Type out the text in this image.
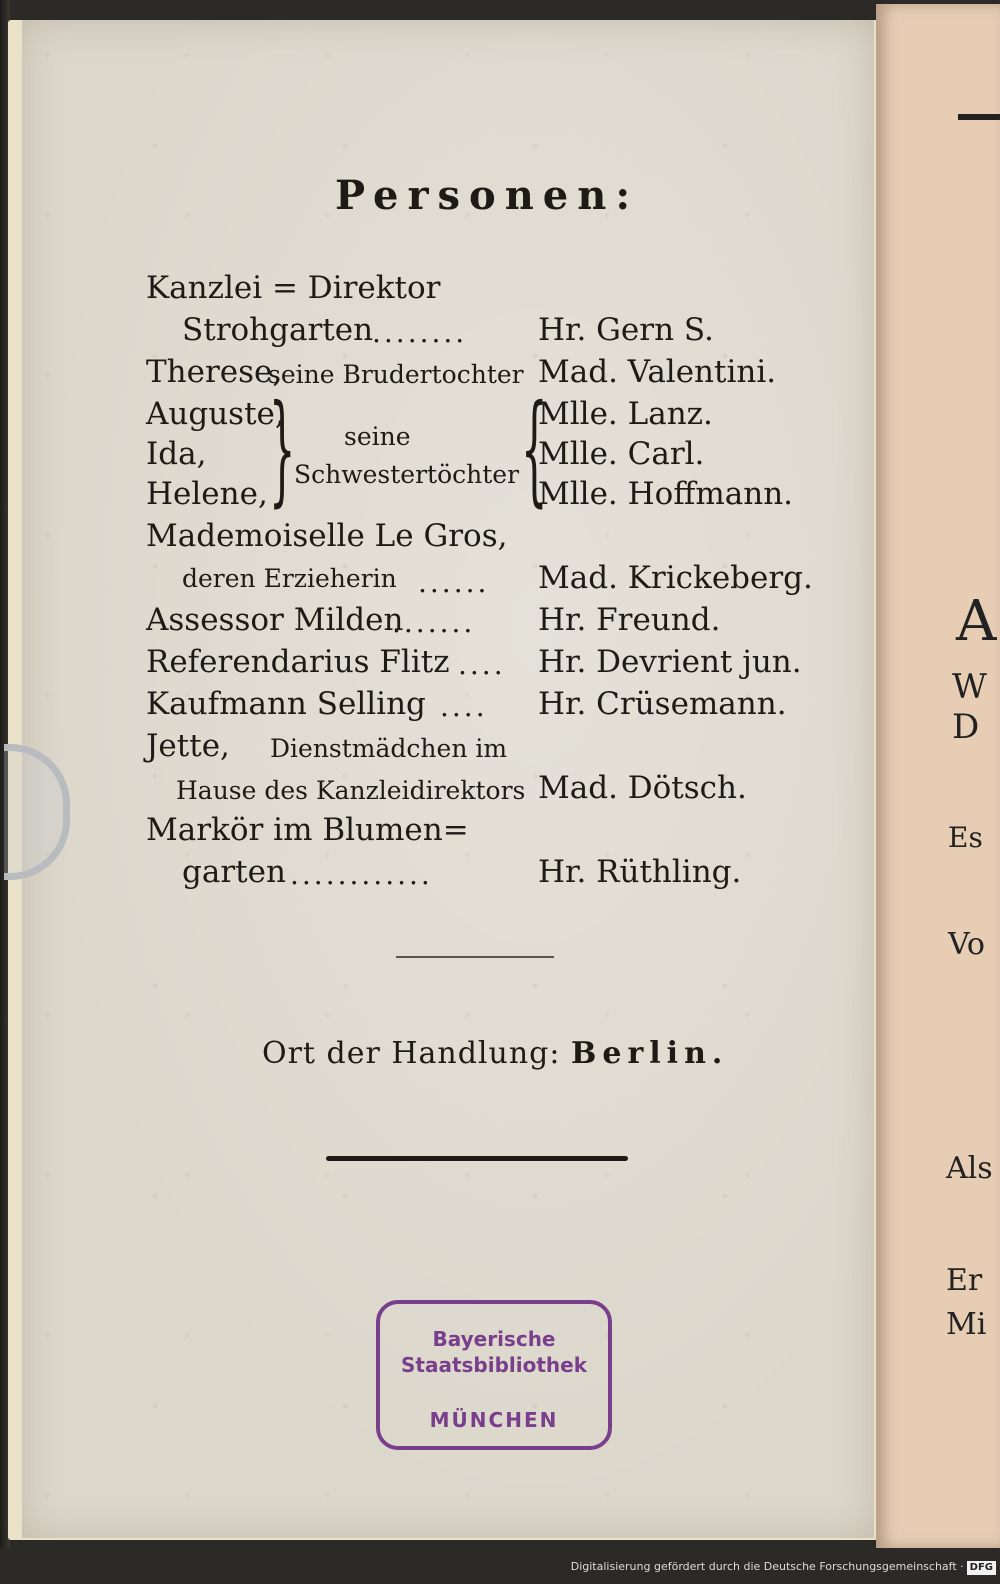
A
W
D
Es
Vo
Als
Er
Mi
Personen:
Kanzlei = Direktor
Strohgarten
........ Hr. Gern S.
Therese,
seine Brudertochter Mad. Valentini.
Auguste,
Ida,
Helene, } seine
Schwestertöchter {
Mlle. Lanz.
Mlle. Carl.
Mlle. Hoffmann.
Mademoiselle Le Gros,
deren Erzieherin ...... Mad. Krickeberg.
Assessor Milden
....... Hr. Freund.
Referendarius Flitz .... Hr. Devrient jun.
Kaufmann Selling .... Hr. Crüsemann.
Jette, Dienstmädchen im
Hause des Kanzleidirektors Mad. Dötsch.
Markör im Blumen=
garten ............	Hr. Rüthling.
Ort der Handlung: Berlin.
Bayerische
Staatsbibliothek
MÜNCHEN
Digitalisierung gefördert durch die Deutsche Forschungsgemeinschaft · DFG
